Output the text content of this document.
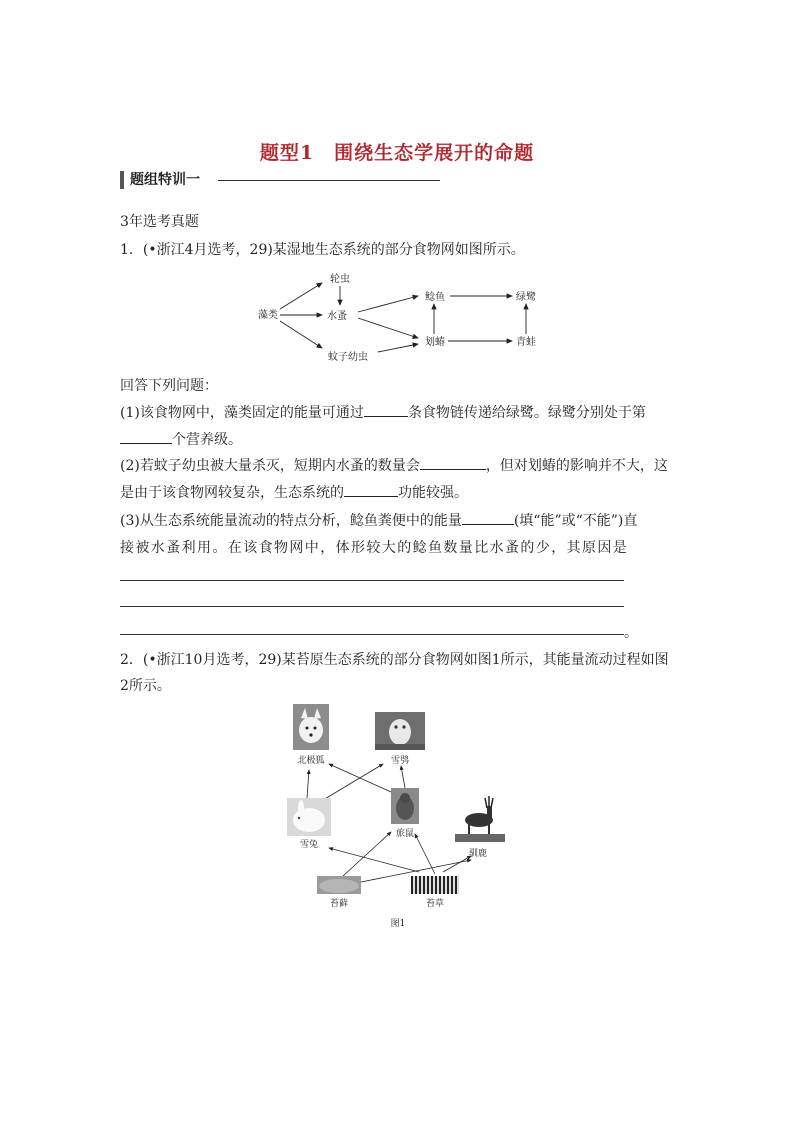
题型1　围绕生态学展开的命题
题组特训一
3年选考真题
1．(•浙江4月选考，29)某湿地生态系统的部分食物网如图所示。
藻类
轮虫
水蚤
蚊子幼虫
鲶鱼
划蝽
绿鹭
青蛙
回答下列问题：
(1)该食物网中，藻类固定的能量可通过	条食物链传递给绿鹭。绿鹭分别处于第
个营养级。
(2)若蚊子幼虫被大量杀灭，短期内水蚤的数量会	，但对划蝽的影响并不大，这
是由于该食物网较复杂，生态系统的	功能较强。
(3)从生态系统能量流动的特点分析，鲶鱼粪便中的能量	(填“能”或“不能”)直
接被水蚤利用。在该食物网中，体形较大的鲶鱼数量比水蚤的少，其原因是
。
2．(•浙江10月选考，29)某苔原生态系统的部分食物网如图1所示，其能量流动过程如图
2所示。
北极狐	雪鸮
雪兔
旅鼠
驯鹿
苔藓	苔草
图1
